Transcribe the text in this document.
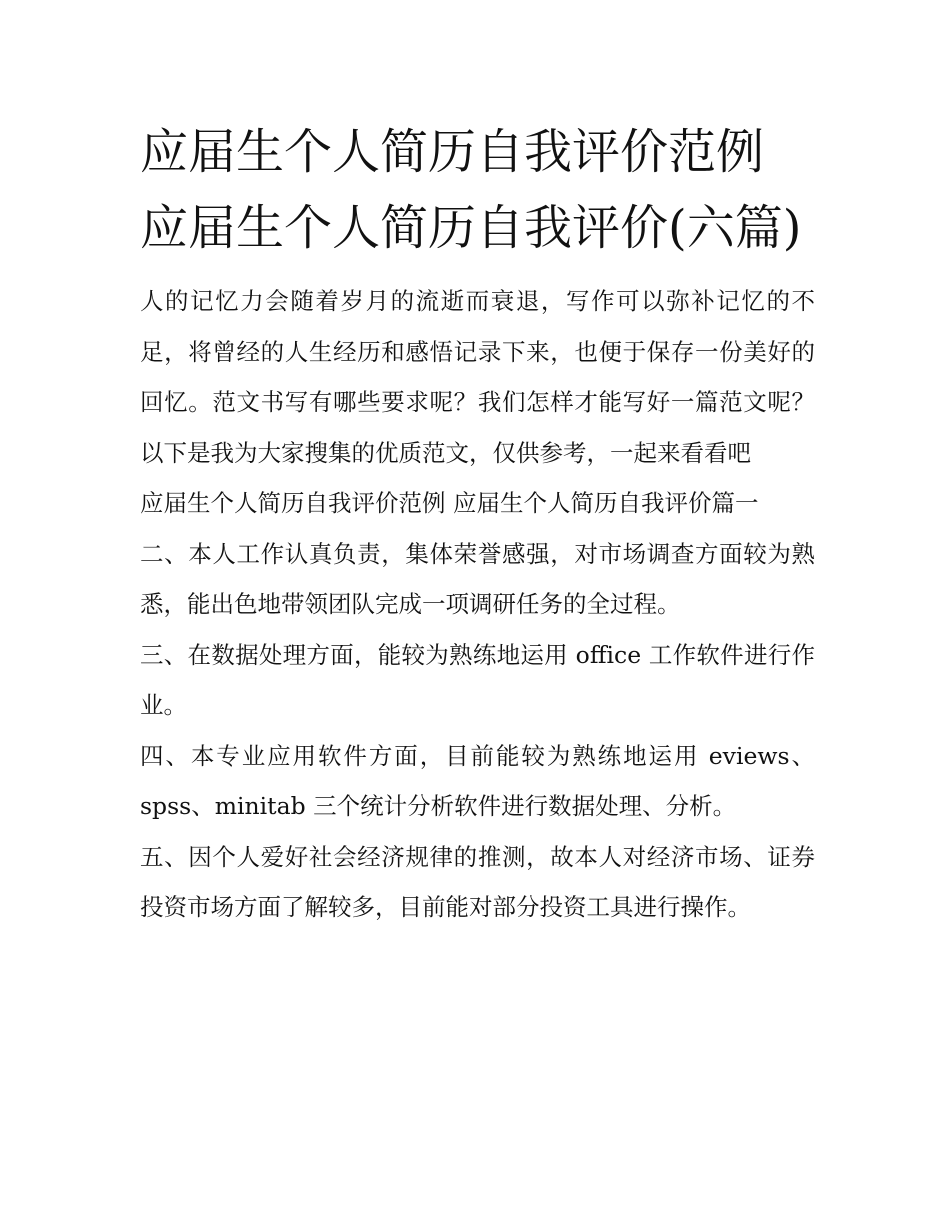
应届生个人简历自我评价范例 应届生个人简历自我评价(六篇)

人的记忆力会随着岁月的流逝而衰退，写作可以弥补记忆的不足，将曾经的人生经历和感悟记录下来，也便于保存一份美好的回忆。范文书写有哪些要求呢？我们怎样才能写好一篇范文呢？以下是我为大家搜集的优质范文，仅供参考，一起来看看吧

应届生个人简历自我评价范例 应届生个人简历自我评价篇一

二、本人工作认真负责，集体荣誉感强，对市场调查方面较为熟悉，能出色地带领团队完成一项调研任务的全过程。

三、在数据处理方面，能较为熟练地运用 office 工作软件进行作业。

四、本专业应用软件方面，目前能较为熟练地运用 eviews、spss、minitab 三个统计分析软件进行数据处理、分析。

五、因个人爱好社会经济规律的推测，故本人对经济市场、证券投资市场方面了解较多，目前能对部分投资工具进行操作。
